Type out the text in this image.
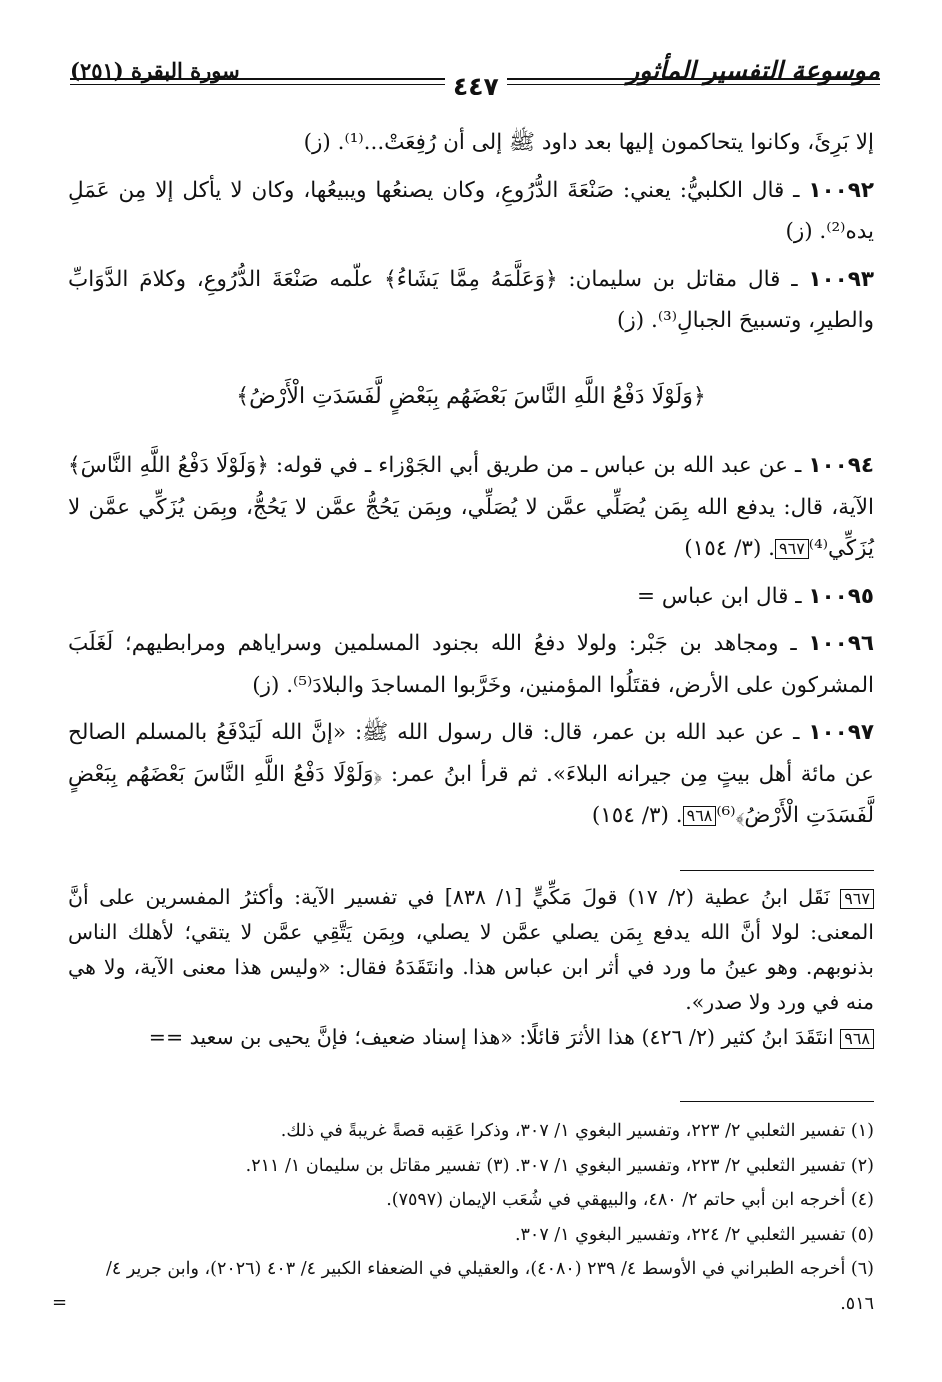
موسوعة التفسير المأثور
٤٤٧
سورة البقرة (٢٥١)

إلا بَرِئَ، وكانوا يتحاكمون إليها بعد داود ﷺ إلى أن رُفِعَتْ...⁽¹⁾. (ز)

١٠٠٩٢ ـ قال الكلبيُّ: يعني: صَنْعَةَ الدُّرُوعِ، وكان يصنعُها ويبيعُها، وكان لا يأكل إلا مِن عَمَلِ يده⁽²⁾. (ز)

١٠٠٩٣ ـ قال مقاتل بن سليمان: ﴿وَعَلَّمَهُ مِمَّا يَشَاءُ﴾ علّمه صَنْعَةَ الدُّرُوعِ، وكلامَ الدَّوَابِّ والطيرِ، وتسبيحَ الجبالِ⁽³⁾. (ز)

﴿وَلَوْلَا دَفْعُ اللَّهِ النَّاسَ بَعْضَهُم بِبَعْضٍ لَّفَسَدَتِ الْأَرْضُ﴾

١٠٠٩٤ ـ عن عبد الله بن عباس ـ من طريق أبي الجَوْزاء ـ في قوله: ﴿وَلَوْلَا دَفْعُ اللَّهِ النَّاسَ﴾ الآية، قال: يدفع الله بِمَن يُصَلِّي عمَّن لا يُصَلِّي، وبِمَن يَحُجُّ عمَّن لا يَحُجُّ، وبِمَن يُزَكِّي عمَّن لا يُزَكِّي⁽⁴⁾٩٦٧. (٣/ ١٥٤)

١٠٠٩٥ ـ قال ابن عباس =

١٠٠٩٦ ـ ومجاهد بن جَبْر: ولولا دفعُ الله بجنود المسلمين وسراياهم ومرابطيهم؛ لَغَلَبَ المشركون على الأرض، فقتَلُوا المؤمنين، وخَرَّبوا المساجدَ والبلادَ⁽⁵⁾. (ز)

١٠٠٩٧ ـ عن عبد الله بن عمر، قال: قال رسول الله ﷺ: «إنَّ الله لَيَدْفَعُ بالمسلم الصالح عن مائة أهل بيتٍ مِن جيرانه البلاءَ». ثم قرأ ابنُ عمر: ﴿وَلَوْلَا دَفْعُ اللَّهِ النَّاسَ بَعْضَهُم بِبَعْضٍ لَّفَسَدَتِ الْأَرْضُ﴾⁽⁶⁾٩٦٨. (٣/ ١٥٤)

٩٦٧ نَقَل ابنُ عطية (٢/ ١٧) قولَ مَكِّيٍّ [١/ ٨٣٨] في تفسير الآية: وأكثرُ المفسرين على أنَّ المعنى: لولا أنَّ الله يدفع بِمَن يصلي عمَّن لا يصلي، وبِمَن يَتَّقِي عمَّن لا يتقي؛ لأهلك الناس بذنوبهم. وهو عينُ ما ورد في أثر ابن عباس هذا. وانتَقَدَهُ فقال: «وليس هذا معنى الآية، ولا هي منه في ورد ولا صدر».

٩٦٨ انتَقَدَ ابنُ كثير (٢/ ٤٢٦) هذا الأثرَ قائلًا: «هذا إسناد ضعيف؛ فإنَّ يحيى بن سعيد ==

(١) تفسير الثعلبي ٢/ ٢٢٣، وتفسير البغوي ١/ ٣٠٧، وذكرا عَقِبه قصةً غريبةً في ذلك.
(٢) تفسير الثعلبي ٢/ ٢٢٣، وتفسير البغوي ١/ ٣٠٧. (٣) تفسير مقاتل بن سليمان ١/ ٢١١.
(٤) أخرجه ابن أبي حاتم ٢/ ٤٨٠، والبيهقي في شُعَب الإيمان (٧٥٩٧).
(٥) تفسير الثعلبي ٢/ ٢٢٤، وتفسير البغوي ١/ ٣٠٧.
(٦) أخرجه الطبراني في الأوسط ٤/ ٢٣٩ (٤٠٨٠)، والعقيلي في الضعفاء الكبير ٤/ ٤٠٣ (٢٠٢٦)، وابن جرير ٤/ ٥١٦.
=
